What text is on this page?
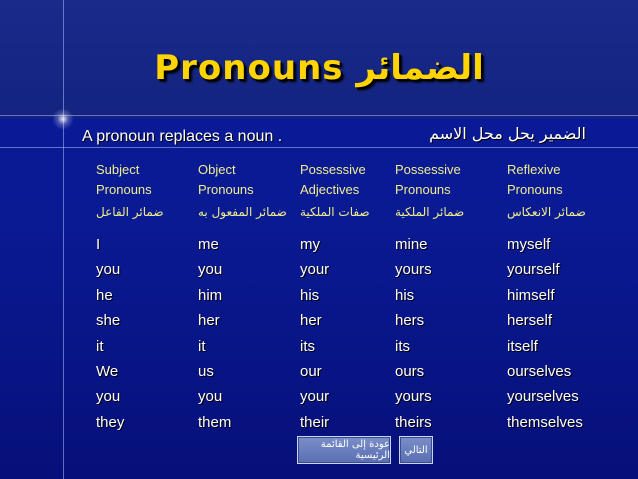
Pronouns الضمائر
A pronoun replaces a noun .	الضمير يحل محل الاسم
Subject
Pronouns
ضمائر الفاعل
I
you
he
she
it
We
you
they
Object
Pronouns
ضمائر المفعول به
me
you
him
her
it
us
you
them
Possessive
Adjectives
صفات الملكية
my
your
his
her
its
our
your
their
Possessive
Pronouns
ضمائر الملكية
mine
yours
his
hers
its
ours
yours
theirs
Reflexive
Pronouns
ضمائر الانعكاس
myself
yourself
himself
herself
itself
ourselves
yourselves
themselves
عودة إلى القائمة الرئيسية التالي
